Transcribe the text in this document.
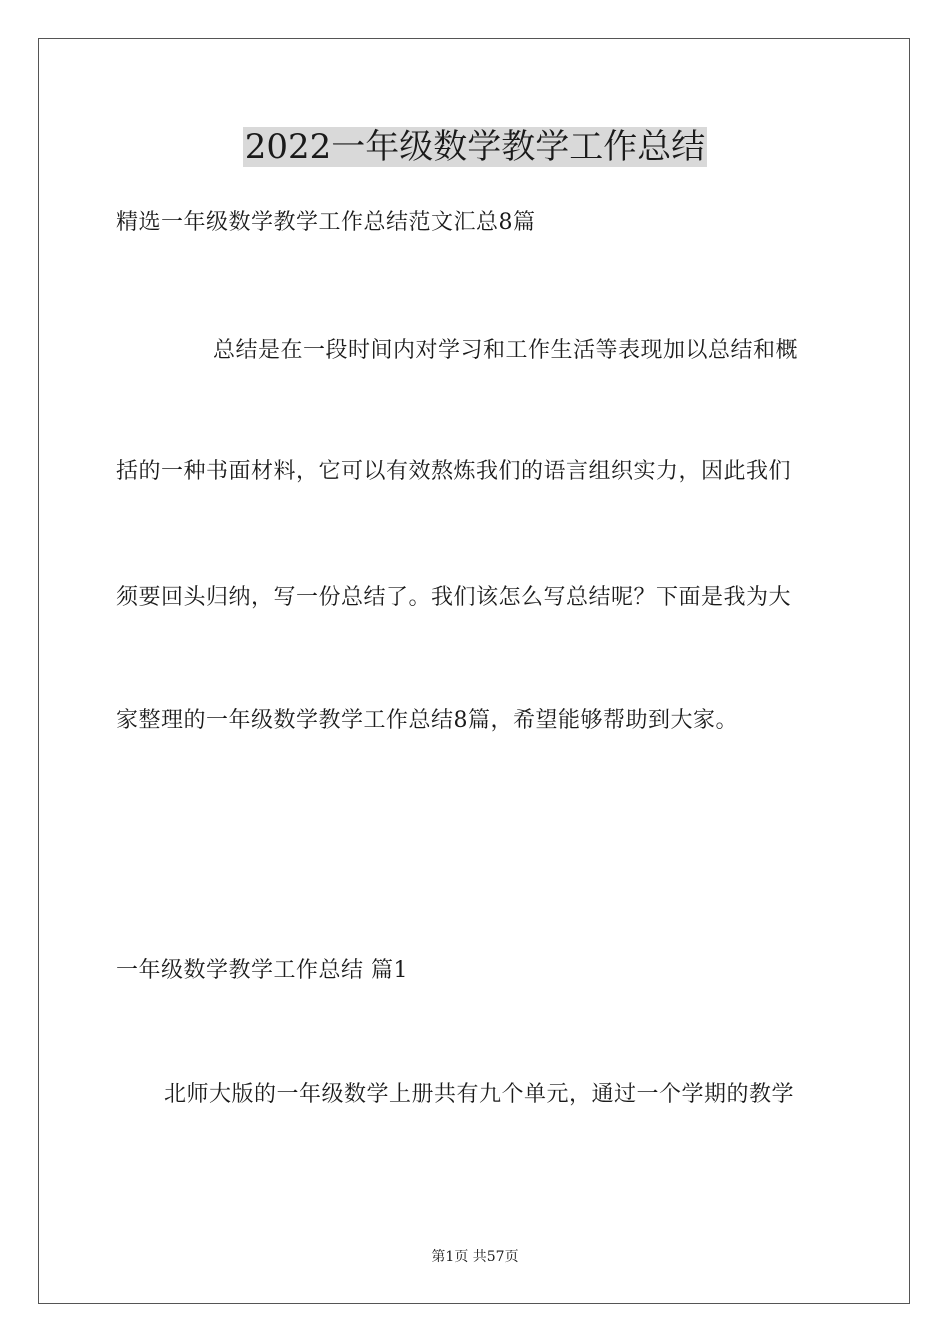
2022一年级数学教学工作总结
精选一年级数学教学工作总结范文汇总8篇
总结是在一段时间内对学习和工作生活等表现加以总结和概
括的一种书面材料，它可以有效熬炼我们的语言组织实力，因此我们
须要回头归纳，写一份总结了。我们该怎么写总结呢？下面是我为大
家整理的一年级数学教学工作总结8篇，希望能够帮助到大家。
一年级数学教学工作总结 篇1
北师大版的一年级数学上册共有九个单元，通过一个学期的教学
第1页 共57页
